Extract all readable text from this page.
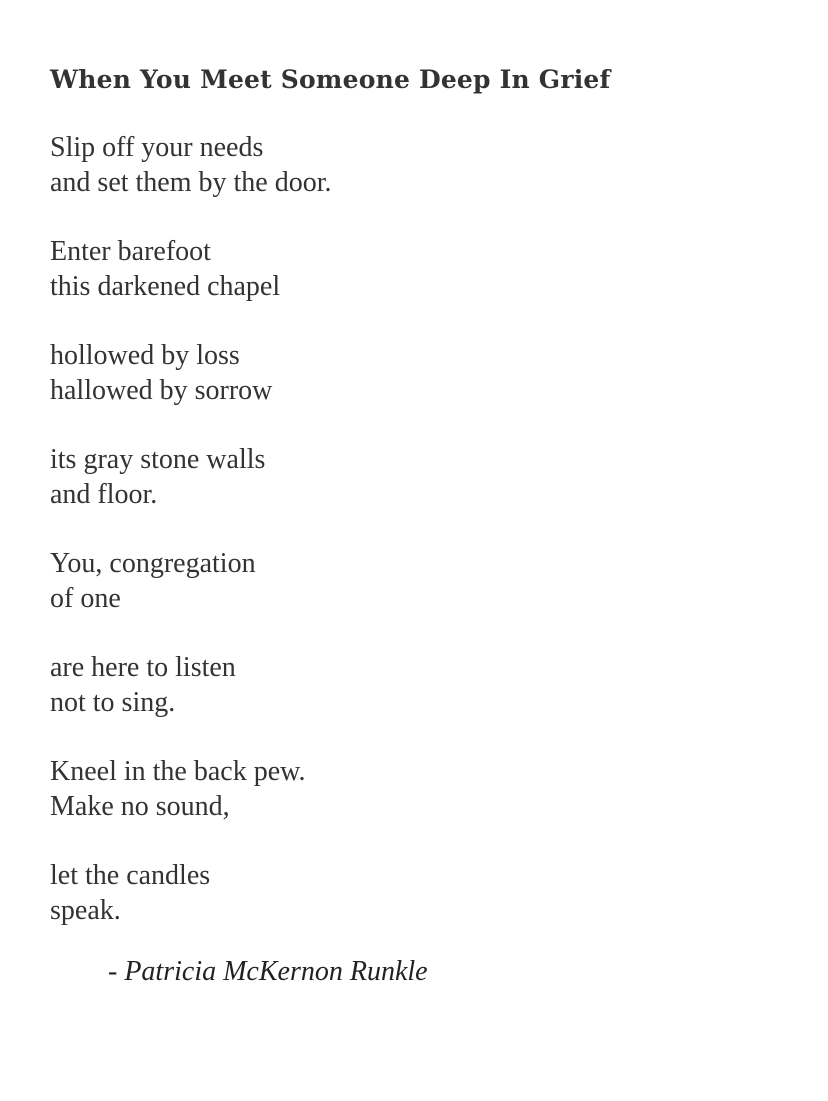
When You Meet Someone Deep In Grief

Slip off your needs
and set them by the door.

Enter barefoot
this darkened chapel

hollowed by loss
hallowed by sorrow

its gray stone walls
and floor.

You, congregation
of one

are here to listen
not to sing.

Kneel in the back pew.
Make no sound,

let the candles
speak.

- Patricia McKernon Runkle
